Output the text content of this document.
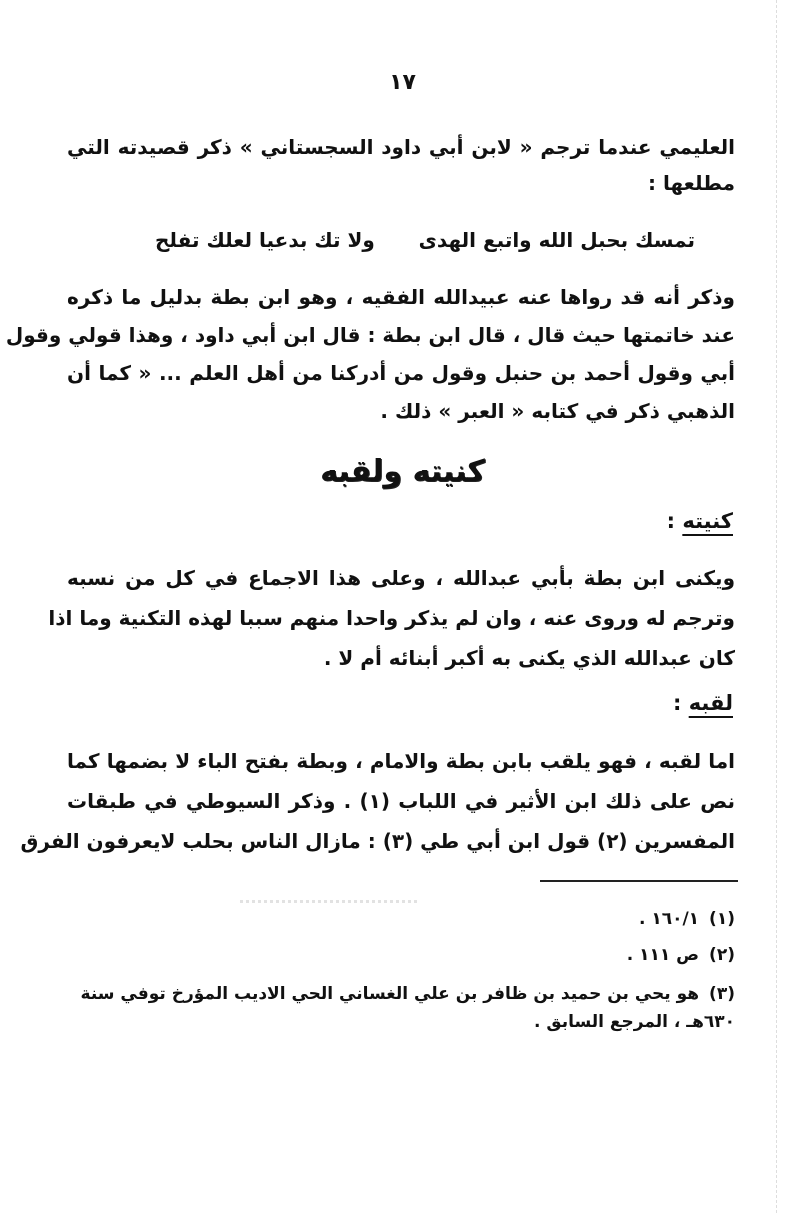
١٧
العليمي عندما ترجم « لابن أبي داود السجستاني » ذكر قصيدته التي
مطلعها :
تمسك بحبل الله واتبع الهدى
ولا تك بدعيا لعلك تفلح
وذكر أنه قد رواها عنه عبيدالله الفقيه ، وهو ابن بطة بدليل ما ذكره
عند خاتمتها حيث قال ، قال ابن بطة : قال ابن أبي داود ، وهذا قولي وقول
أبي وقول أحمد بن حنبل وقول من أدركنا من أهل العلم ... « كما أن
الذهبي ذكر في كتابه « العبر » ذلك .
كنيته ولقبه
كنيته :
ويكنى ابن بطة بأبي عبدالله ، وعلى هذا الاجماع في كل من نسبه
وترجم له وروى عنه ، وان لم يذكر واحدا منهم سببا لهذه التكنية وما اذا
كان عبدالله الذي يكنى به أكبر أبنائه أم لا .
لقبه :
اما لقبه ، فهو يلقب بابن بطة والامام ، وبطة بفتح الباء لا بضمها كما
نص على ذلك ابن الأثير في اللباب (١) . وذكر السيوطي في طبقات
المفسرين (٢) قول ابن أبي طي (٣) : مازال الناس بحلب لايعرفون الفرق
(١)١٦٠/١ .
(٢)ص ١١١ .
(٣)هو يحي بن حميد بن ظافر بن علي الغساني الحي الاديب المؤرخ توفي سنة ٦٣٠هـ ، المرجع السابق .
